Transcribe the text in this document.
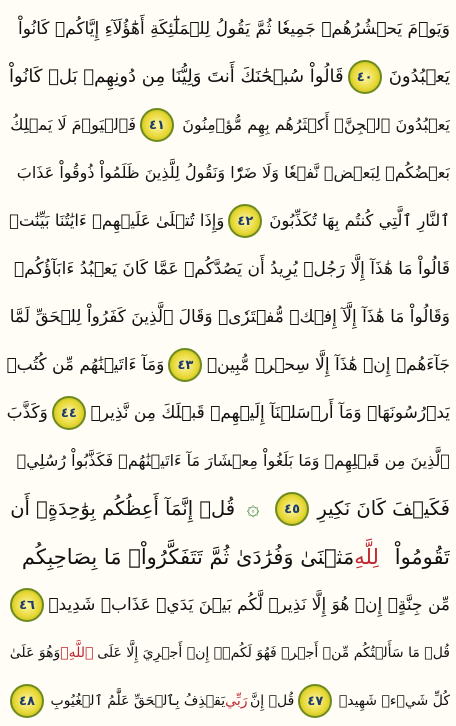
وَيَوۡمَ يَحۡشُرُهُمۡ جَمِيعٗا ثُمَّ يَقُولُ لِلۡمَلَٰٓئِكَةِ أَهَٰٓؤُلَآءِ إِيَّاكُمۡ كَانُواْ
يَعۡبُدُونَ
٤٠
قَالُواْ سُبۡحَٰنَكَ أَنتَ وَلِيُّنَا مِن دُونِهِمۖ بَلۡ كَانُواْ
يَعۡبُدُونَ ٱلۡجِنَّۖ أَكۡثَرُهُم بِهِم مُّؤۡمِنُونَ
٤١
فَٱلۡيَوۡمَ لَا يَمۡلِكُ
بَعۡضُكُمۡ لِبَعۡضٖ نَّفۡعٗا وَلَا ضَرّٗا وَنَقُولُ لِلَّذِينَ ظَلَمُواْ ذُوقُواْ عَذَابَ
ٱلنَّارِ ٱلَّتِي كُنتُم بِهَا تُكَذِّبُونَ
٤٢
وَإِذَا تُتۡلَىٰ عَلَيۡهِمۡ ءَايَٰتُنَا بَيِّنَٰتٖ
قَالُواْ مَا هَٰذَآ إِلَّا رَجُلٞ يُرِيدُ أَن يَصُدَّكُمۡ عَمَّا كَانَ يَعۡبُدُ ءَابَآؤُكُمۡ
وَقَالُواْ مَا هَٰذَآ إِلَّآ إِفۡكٞ مُّفۡتَرٗىۚ وَقَالَ ٱلَّذِينَ كَفَرُواْ لِلۡحَقِّ لَمَّا
جَآءَهُمۡ إِنۡ هَٰذَآ إِلَّا سِحۡرٞ مُّبِينٞ
٤٣
وَمَآ ءَاتَيۡنَٰهُم مِّن كُتُبٖ
يَدۡرُسُونَهَاۖ وَمَآ أَرۡسَلۡنَآ إِلَيۡهِمۡ قَبۡلَكَ مِن نَّذِيرٖ
٤٤
وَكَذَّبَ
ٱلَّذِينَ مِن قَبۡلِهِمۡ وَمَا بَلَغُواْ مِعۡشَارَ مَآ ءَاتَيۡنَٰهُمۡ فَكَذَّبُواْ رُسُلِيۖ
فَكَيۡفَ كَانَ نَكِيرِ
٤٥
۞
قُلۡ إِنَّمَآ أَعِظُكُم بِوَٰحِدَةٍۖ أَن
تَقُومُواْ
لِلَّهِ
مَثۡنَىٰ وَفُرَٰدَىٰ ثُمَّ تَتَفَكَّرُواْۚ مَا بِصَاحِبِكُم
مِّن جِنَّةٍۚ إِنۡ هُوَ إِلَّا نَذِيرٞ لَّكُم بَيۡنَ يَدَيۡ عَذَابٖ شَدِيدٖ
٤٦
قُلۡ مَا سَأَلۡتُكُم مِّنۡ أَجۡرٖ فَهُوَ لَكُمۡۖ إِنۡ أَجۡرِيَ إِلَّا عَلَى
ٱللَّهِۖ
وَهُوَ عَلَىٰ
كُلِّ شَيۡءٖ شَهِيدٞ
٤٧
قُلۡ إِنَّ
رَبِّي
يَقۡذِفُ بِٱلۡحَقِّ عَلَّٰمُ ٱلۡغُيُوبِ
٤٨
